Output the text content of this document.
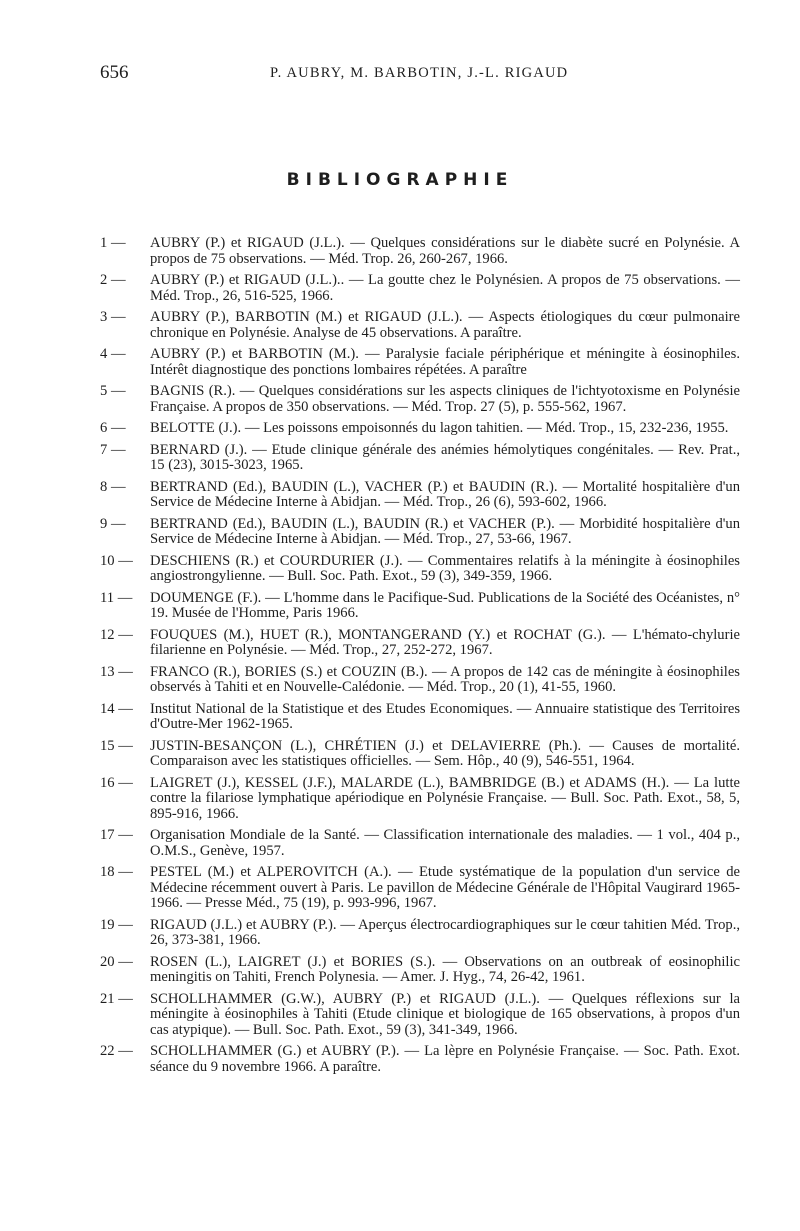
656	P. AUBRY, M. BARBOTIN, J.-L. RIGAUD
BIBLIOGRAPHIE
1 —	AUBRY (P.) et RIGAUD (J.L.). — Quelques considérations sur le diabète sucré en Polynésie. A propos de 75 observations. — Méd. Trop. 26, 260-267, 1966.
2 —	AUBRY (P.) et RIGAUD (J.L.).. — La goutte chez le Polynésien. A propos de 75 observations. — Méd. Trop., 26, 516-525, 1966.
3 —	AUBRY (P.), BARBOTIN (M.) et RIGAUD (J.L.). — Aspects étiologiques du cœur pulmonaire chronique en Polynésie. Analyse de 45 observations. A paraître.
4 —	AUBRY (P.) et BARBOTIN (M.). — Paralysie faciale périphérique et méningite à éosinophiles. Intérêt diagnostique des ponctions lombaires répétées. A paraître
5 —	BAGNIS (R.). — Quelques considérations sur les aspects cliniques de l'ichtyotoxisme en Polynésie Française. A propos de 350 observations. — Méd. Trop. 27 (5), p. 555-562, 1967.
6 —	BELOTTE (J.). — Les poissons empoisonnés du lagon tahitien. — Méd. Trop., 15, 232-236, 1955.
7 —	BERNARD (J.). — Etude clinique générale des anémies hémolytiques congénitales. — Rev. Prat., 15 (23), 3015-3023, 1965.
8 —	BERTRAND (Ed.), BAUDIN (L.), VACHER (P.) et BAUDIN (R.). — Mortalité hospitalière d'un Service de Médecine Interne à Abidjan. — Méd. Trop., 26 (6), 593-602, 1966.
9 —	BERTRAND (Ed.), BAUDIN (L.), BAUDIN (R.) et VACHER (P.). — Morbidité hospitalière d'un Service de Médecine Interne à Abidjan. — Méd. Trop., 27, 53-66, 1967.
10 —	DESCHIENS (R.) et COURDURIER (J.). — Commentaires relatifs à la méningite à éosinophiles angiostrongylienne. — Bull. Soc. Path. Exot., 59 (3), 349-359, 1966.
11 —	DOUMENGE (F.). — L'homme dans le Pacifique-Sud. Publications de la Société des Océanistes, n° 19. Musée de l'Homme, Paris 1966.
12 —	FOUQUES (M.), HUET (R.), MONTANGERAND (Y.) et ROCHAT (G.). — L'hémato-chylurie filarienne en Polynésie. — Méd. Trop., 27, 252-272, 1967.
13 —	FRANCO (R.), BORIES (S.) et COUZIN (B.). — A propos de 142 cas de méningite à éosinophiles observés à Tahiti et en Nouvelle-Calédonie. — Méd. Trop., 20 (1), 41-55, 1960.
14 —	Institut National de la Statistique et des Etudes Economiques. — Annuaire statistique des Territoires d'Outre-Mer 1962-1965.
15 —	JUSTIN-BESANÇON (L.), CHRÉTIEN (J.) et DELAVIERRE (Ph.). — Causes de mortalité. Comparaison avec les statistiques officielles. — Sem. Hôp., 40 (9), 546-551, 1964.
16 —	LAIGRET (J.), KESSEL (J.F.), MALARDE (L.), BAMBRIDGE (B.) et ADAMS (H.). — La lutte contre la filariose lymphatique apériodique en Polynésie Française. — Bull. Soc. Path. Exot., 58, 5, 895-916, 1966.
17 —	Organisation Mondiale de la Santé. — Classification internationale des maladies. — 1 vol., 404 p., O.M.S., Genève, 1957.
18 —	PESTEL (M.) et ALPEROVITCH (A.). — Etude systématique de la population d'un service de Médecine récemment ouvert à Paris. Le pavillon de Médecine Générale de l'Hôpital Vaugirard 1965-1966. — Presse Méd., 75 (19), p. 993-996, 1967.
19 —	RIGAUD (J.L.) et AUBRY (P.). — Aperçus électrocardiographiques sur le cœur tahitien Méd. Trop., 26, 373-381, 1966.
20 —	ROSEN (L.), LAIGRET (J.) et BORIES (S.). — Observations on an outbreak of eosinophilic meningitis on Tahiti, French Polynesia. — Amer. J. Hyg., 74, 26-42, 1961.
21 —	SCHOLLHAMMER (G.W.), AUBRY (P.) et RIGAUD (J.L.). — Quelques réflexions sur la méningite à éosinophiles à Tahiti (Etude clinique et biologique de 165 observations, à propos d'un cas atypique). — Bull. Soc. Path. Exot., 59 (3), 341-349, 1966.
22 —	SCHOLLHAMMER (G.) et AUBRY (P.). — La lèpre en Polynésie Française. — Soc. Path. Exot. séance du 9 novembre 1966. A paraître.
